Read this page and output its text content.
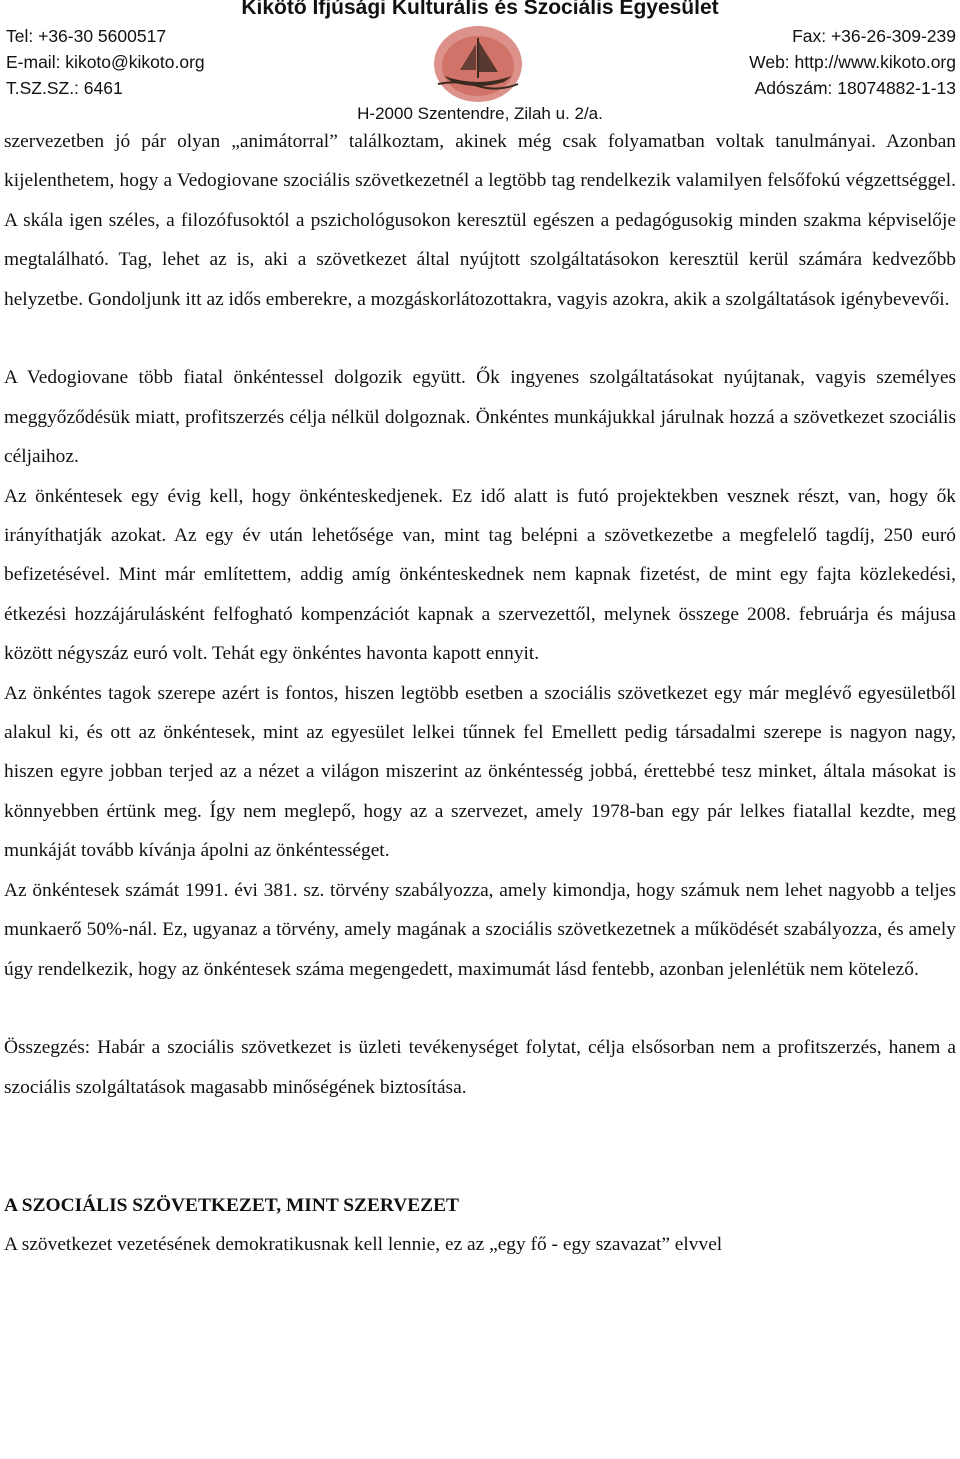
Kikötő Ifjúsági Kulturális és Szociális Egyesület
Tel: +36-30 5600517	Fax: +36-26-309-239
E-mail: kikoto@kikoto.org	Web: http://www.kikoto.org
T.SZ.SZ.: 6461	Adószám: 18074882-1-13
H-2000 Szentendre, Zilah u. 2/a.

szervezetben jó pár olyan „animátorral” találkoztam, akinek még csak folyamatban voltak tanulmányai. Azonban kijelenthetem, hogy a Vedogiovane szociális szövetkezetnél a legtöbb tag rendelkezik valamilyen felsőfokú végzettséggel. A skála igen széles, a filozófusoktól a pszichológusokon keresztül egészen a pedagógusokig minden szakma képviselője megtalálható. Tag, lehet az is, aki a szövetkezet által nyújtott szolgáltatásokon keresztül kerül számára kedvezőbb helyzetbe. Gondoljunk itt az idős emberekre, a mozgáskorlátozottakra, vagyis azokra, akik a szolgáltatások igénybevevői.

A Vedogiovane több fiatal önkéntessel dolgozik együtt. Ők ingyenes szolgáltatásokat nyújtanak, vagyis személyes meggyőződésük miatt, profitszerzés célja nélkül dolgoznak. Önkéntes munkájukkal járulnak hozzá a szövetkezet szociális céljaihoz.

Az önkéntesek egy évig kell, hogy önkénteskedjenek. Ez idő alatt is futó projektekben vesznek részt, van, hogy ők irányíthatják azokat. Az egy év után lehetősége van, mint tag belépni a szövetkezetbe a megfelelő tagdíj, 250 euró befizetésével. Mint már említettem, addig amíg önkénteskednek nem kapnak fizetést, de mint egy fajta közlekedési, étkezési hozzájárulásként felfogható kompenzációt kapnak a szervezettől, melynek összege 2008. februárja és májusa között négyszáz euró volt. Tehát egy önkéntes havonta kapott ennyit.

Az önkéntes tagok szerepe azért is fontos, hiszen legtöbb esetben a szociális szövetkezet egy már meglévő egyesületből alakul ki, és ott az önkéntesek, mint az egyesület lelkei tűnnek fel Emellett pedig társadalmi szerepe is nagyon nagy, hiszen egyre jobban terjed az a nézet a világon miszerint az önkéntesség jobbá, érettebbé tesz minket, általa másokat is könnyebben értünk meg. Így nem meglepő, hogy az a szervezet, amely 1978-ban egy pár lelkes fiatallal kezdte, meg munkáját tovább kívánja ápolni az önkéntességet.

Az önkéntesek számát 1991. évi 381. sz. törvény szabályozza, amely kimondja, hogy számuk nem lehet nagyobb a teljes munkaerő 50%-nál. Ez, ugyanaz a törvény, amely magának a szociális szövetkezetnek a működését szabályozza, és amely úgy rendelkezik, hogy az önkéntesek száma megengedett, maximumát lásd fentebb, azonban jelenlétük nem kötelező.

Összegzés: Habár a szociális szövetkezet is üzleti tevékenységet folytat, célja elsősorban nem a profitszerzés, hanem a szociális szolgáltatások magasabb minőségének biztosítása.

A SZOCIÁLIS SZÖVETKEZET, MINT SZERVEZET

A szövetkezet vezetésének demokratikusnak kell lennie, ez az „egy fő - egy szavazat” elvvel
